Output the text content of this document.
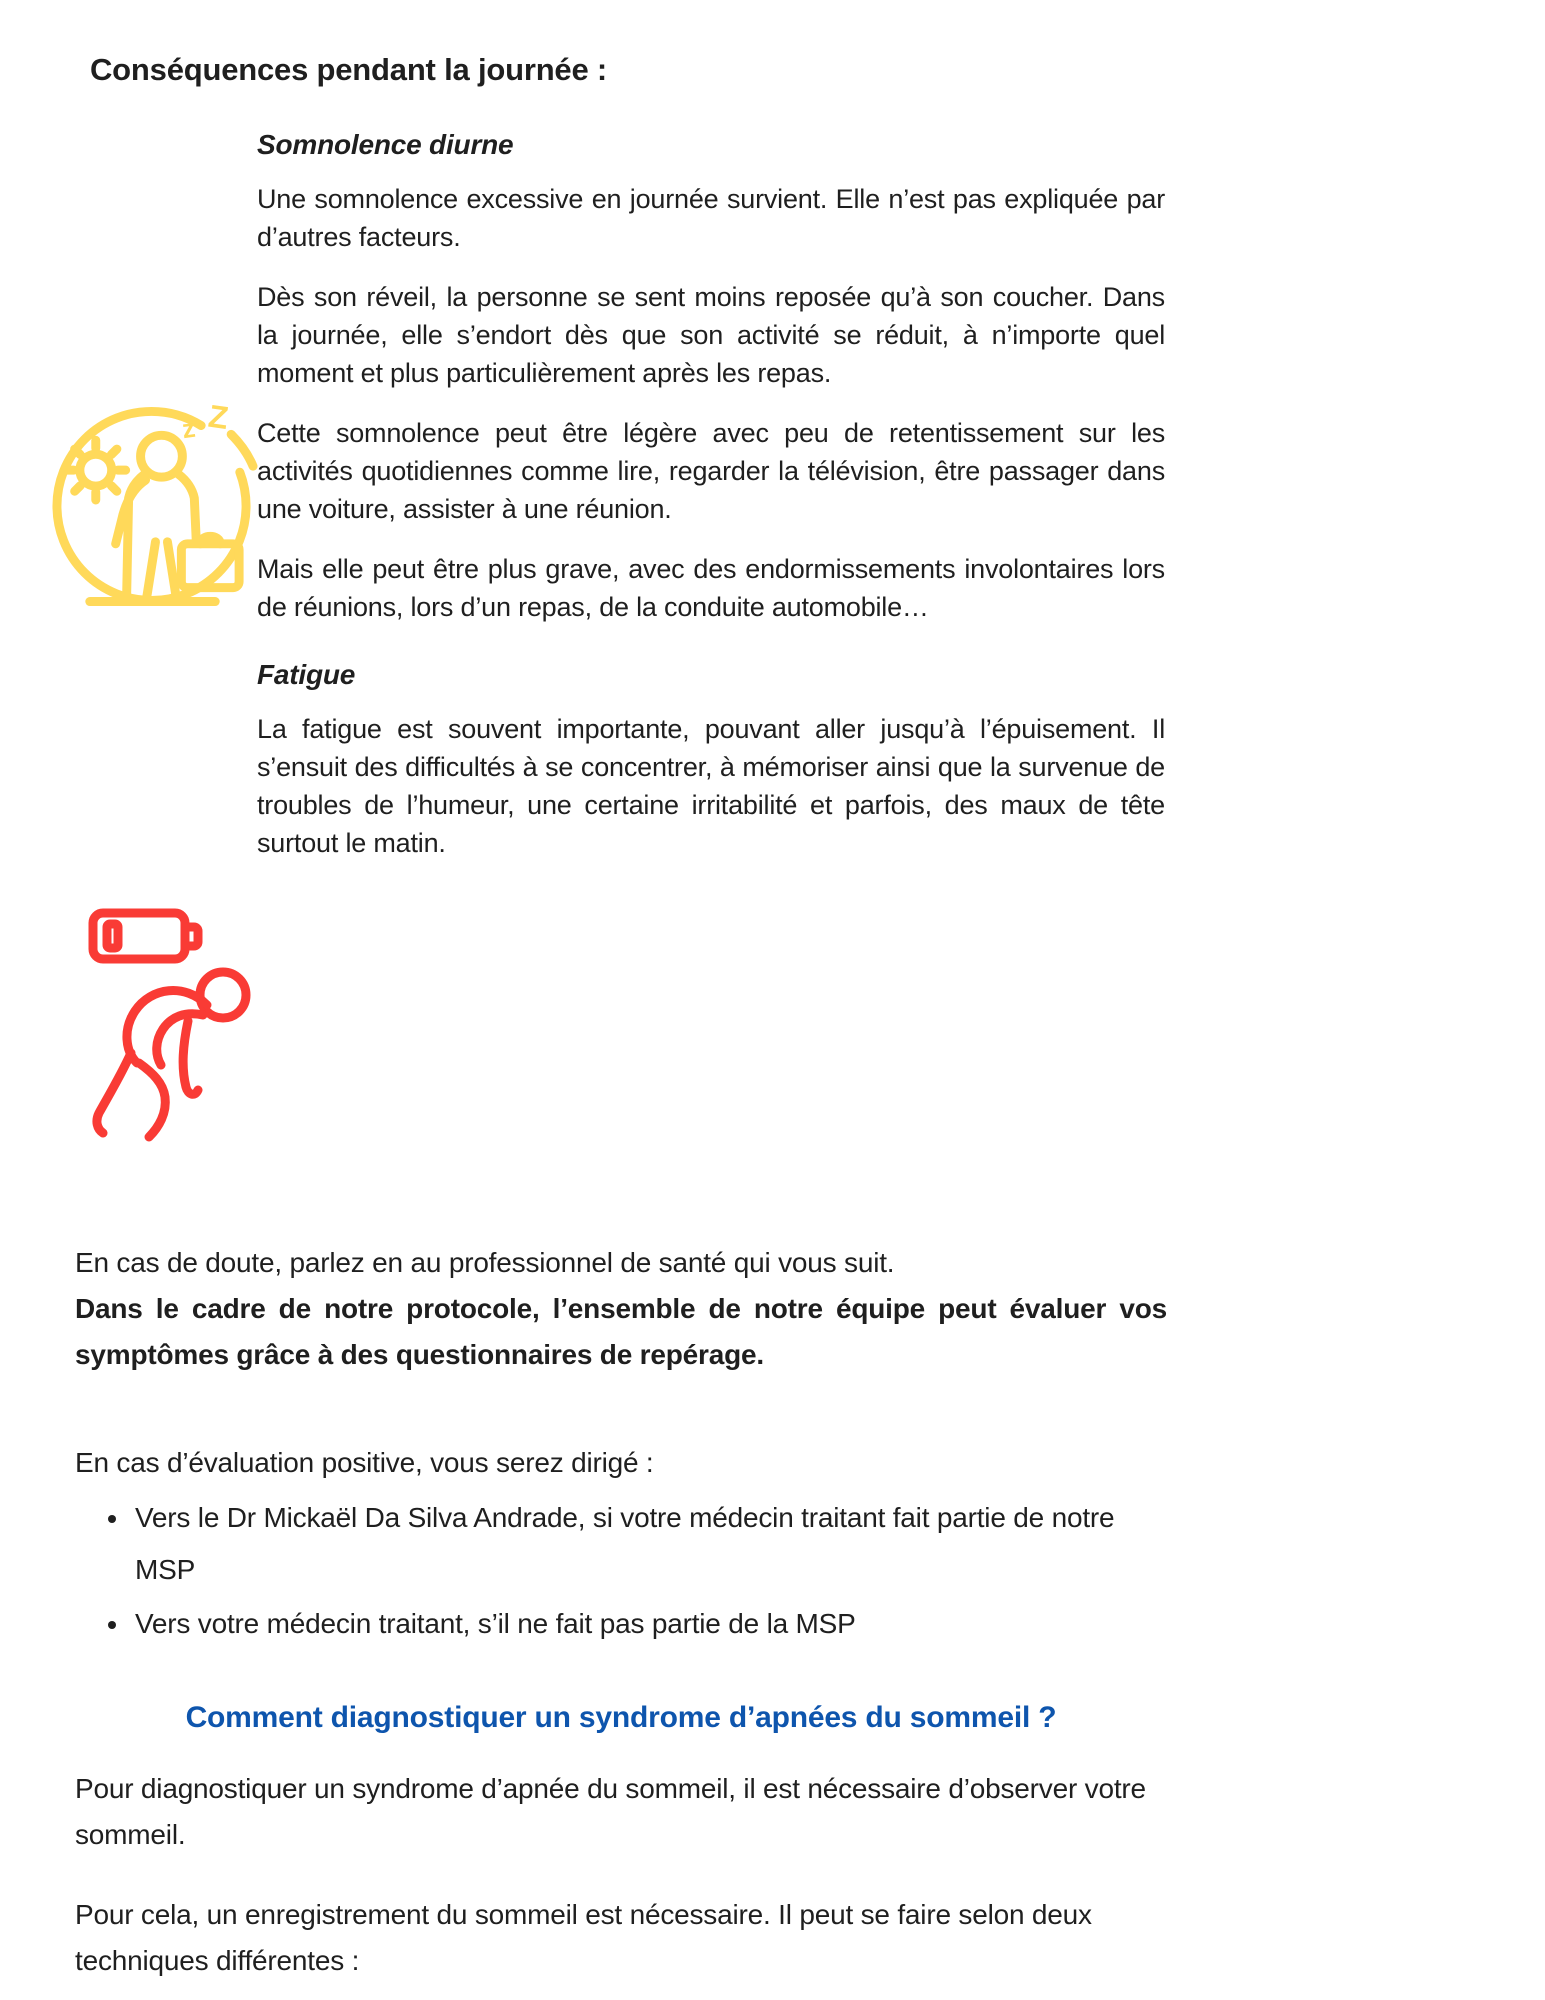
Conséquences pendant la journée :
z Z
Somnolence diurne

Une somnolence excessive en journée survient. Elle n’est pas expliquée par d’autres facteurs.

Dès son réveil, la personne se sent moins reposée qu’à son coucher. Dans la journée, elle s’endort dès que son activité se réduit, à n’importe quel moment et plus particulièrement après les repas.

Cette somnolence peut être légère avec peu de retentissement sur les activités quotidiennes comme lire, regarder la télévision, être passager dans une voiture, assister à une réunion.

Mais elle peut être plus grave, avec des endormissements involontaires lors de réunions, lors d’un repas, de la conduite automobile…

Fatigue

La fatigue est souvent importante, pouvant aller jusqu’à l’épuisement. Il s’ensuit des difficultés à se concentrer, à mémoriser ainsi que la survenue de troubles de l’humeur, une certaine irritabilité et parfois, des maux de tête surtout le matin.

En cas de doute, parlez en au professionnel de santé qui vous suit.

Dans le cadre de notre protocole, l’ensemble de notre équipe peut évaluer vos symptômes grâce à des questionnaires de repérage.

En cas d’évaluation positive, vous serez dirigé :

• Vers le Dr Mickaël Da Silva Andrade, si votre médecin traitant fait partie de notre MSP
• Vers votre médecin traitant, s’il ne fait pas partie de la MSP
Comment diagnostiquer un syndrome d’apnées du sommeil ?

Pour diagnostiquer un syndrome d’apnée du sommeil, il est nécessaire d’observer votre sommeil.

Pour cela, un enregistrement du sommeil est nécessaire. Il peut se faire selon deux techniques différentes :
